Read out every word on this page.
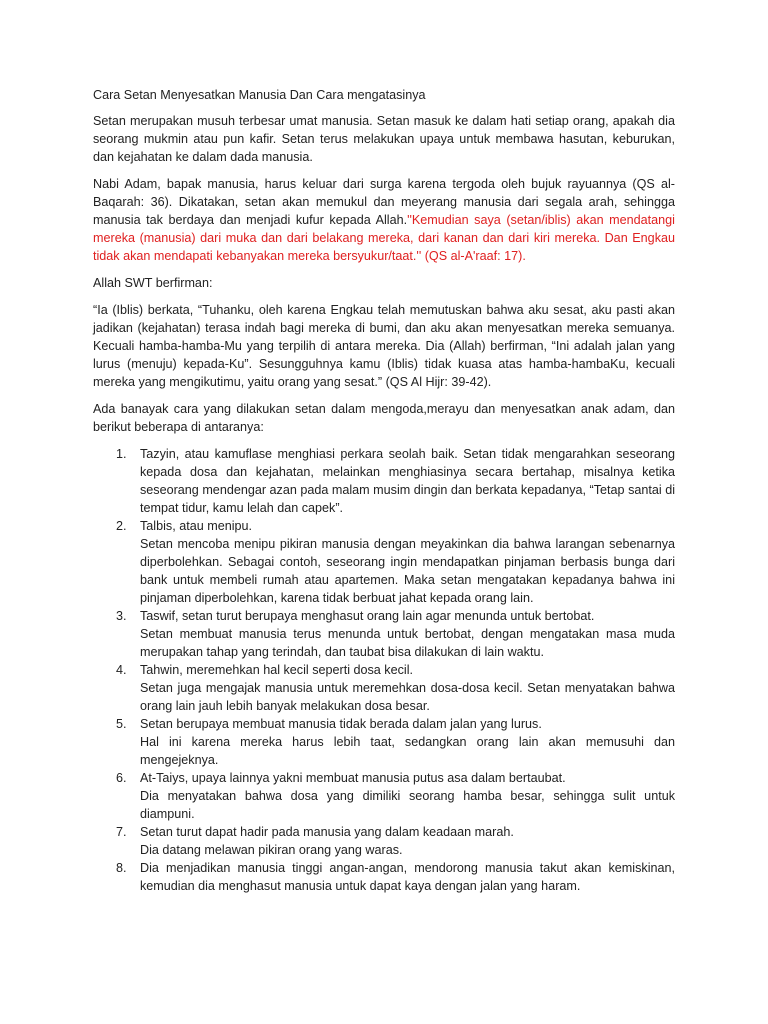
Cara Setan Menyesatkan Manusia Dan Cara mengatasinya

Setan merupakan musuh terbesar umat manusia. Setan masuk ke dalam hati setiap orang, apakah dia seorang mukmin atau pun kafir. Setan terus melakukan upaya untuk membawa hasutan, keburukan, dan kejahatan ke dalam dada manusia.

Nabi Adam, bapak manusia, harus keluar dari surga karena tergoda oleh bujuk rayuannya (QS al-Baqarah: 36). Dikatakan, setan akan memukul dan meyerang manusia dari segala arah, sehingga manusia tak berdaya dan menjadi kufur kepada Allah.''Kemudian saya (setan/iblis) akan mendatangi mereka (manusia) dari muka dan dari belakang mereka, dari kanan dan dari kiri mereka. Dan Engkau tidak akan mendapati kebanyakan mereka bersyukur/taat.'' (QS al-A'raaf: 17).

Allah SWT berfirman:

“Ia (Iblis) berkata, “Tuhanku, oleh karena Engkau telah memutuskan bahwa aku sesat, aku pasti akan jadikan (kejahatan) terasa indah bagi mereka di bumi, dan aku akan menyesatkan mereka semuanya. Kecuali hamba-hamba-Mu yang terpilih di antara mereka. Dia (Allah) berfirman, “Ini adalah jalan yang lurus (menuju) kepada-Ku”. Sesungguhnya kamu (Iblis) tidak kuasa atas hamba-hambaKu, kecuali mereka yang mengikutimu, yaitu orang yang sesat.” (QS Al Hijr: 39-42).

Ada banayak cara yang dilakukan setan dalam mengoda,merayu dan menyesatkan anak adam, dan berikut beberapa di antaranya:

1. Tazyin, atau kamuflase menghiasi perkara seolah baik. Setan tidak mengarahkan seseorang kepada dosa dan kejahatan, melainkan menghiasinya secara bertahap, misalnya ketika seseorang mendengar azan pada malam musim dingin dan berkata kepadanya, “Tetap santai di tempat tidur, kamu lelah dan capek”.
2. Talbis, atau menipu.
Setan mencoba menipu pikiran manusia dengan meyakinkan dia bahwa larangan sebenarnya diperbolehkan. Sebagai contoh, seseorang ingin mendapatkan pinjaman berbasis bunga dari bank untuk membeli rumah atau apartemen. Maka setan mengatakan kepadanya bahwa ini pinjaman diperbolehkan, karena tidak berbuat jahat kepada orang lain.
3. Taswif, setan turut berupaya menghasut orang lain agar menunda untuk bertobat.
Setan membuat manusia terus menunda untuk bertobat, dengan mengatakan masa muda merupakan tahap yang terindah, dan taubat bisa dilakukan di lain waktu.
4. Tahwin, meremehkan hal kecil seperti dosa kecil.
Setan juga mengajak manusia untuk meremehkan dosa-dosa kecil. Setan menyatakan bahwa orang lain jauh lebih banyak melakukan dosa besar.
5. Setan berupaya membuat manusia tidak berada dalam jalan yang lurus.
Hal ini karena mereka harus lebih taat, sedangkan orang lain akan memusuhi dan mengejeknya.
6. At-Taiys, upaya lainnya yakni membuat manusia putus asa dalam bertaubat.
Dia menyatakan bahwa dosa yang dimiliki seorang hamba besar, sehingga sulit untuk diampuni.
7. Setan turut dapat hadir pada manusia yang dalam keadaan marah.
Dia datang melawan pikiran orang yang waras.
8. Dia menjadikan manusia tinggi angan-angan, mendorong manusia takut akan kemiskinan, kemudian dia menghasut manusia untuk dapat kaya dengan jalan yang haram.
